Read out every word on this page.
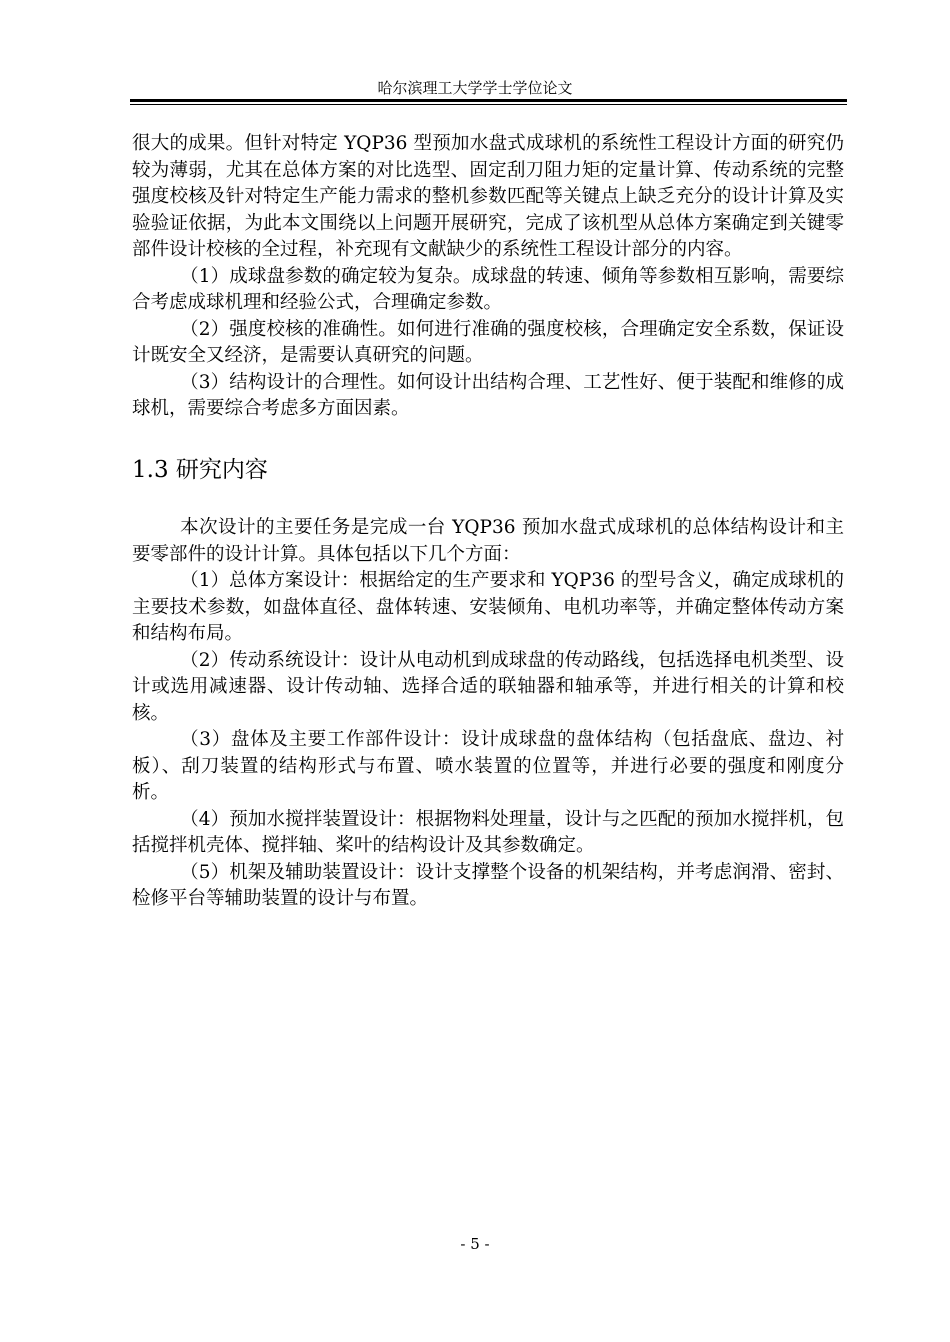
哈尔滨理工大学学士学位论文

很大的成果。但针对特定 YQP36 型预加水盘式成球机的系统性工程设计方面的研究仍较为薄弱，尤其在总体方案的对比选型、固定刮刀阻力矩的定量计算、传动系统的完整强度校核及针对特定生产能力需求的整机参数匹配等关键点上缺乏充分的设计计算及实验验证依据，为此本文围绕以上问题开展研究，完成了该机型从总体方案确定到关键零部件设计校核的全过程，补充现有文献缺少的系统性工程设计部分的内容。

（1）成球盘参数的确定较为复杂。成球盘的转速、倾角等参数相互影响，需要综合考虑成球机理和经验公式，合理确定参数。

（2）强度校核的准确性。如何进行准确的强度校核，合理确定安全系数，保证设计既安全又经济，是需要认真研究的问题。

（3）结构设计的合理性。如何设计出结构合理、工艺性好、便于装配和维修的成球机，需要综合考虑多方面因素。

1.3 研究内容

本次设计的主要任务是完成一台 YQP36 预加水盘式成球机的总体结构设计和主要零部件的设计计算。具体包括以下几个方面：

（1）总体方案设计：根据给定的生产要求和 YQP36 的型号含义，确定成球机的主要技术参数，如盘体直径、盘体转速、安装倾角、电机功率等，并确定整体传动方案和结构布局。

（2）传动系统设计：设计从电动机到成球盘的传动路线，包括选择电机类型、设计或选用减速器、设计传动轴、选择合适的联轴器和轴承等，并进行相关的计算和校核。

（3）盘体及主要工作部件设计：设计成球盘的盘体结构（包括盘底、盘边、衬板）、刮刀装置的结构形式与布置、喷水装置的位置等，并进行必要的强度和刚度分析。

（4）预加水搅拌装置设计：根据物料处理量，设计与之匹配的预加水搅拌机，包括搅拌机壳体、搅拌轴、桨叶的结构设计及其参数确定。

（5）机架及辅助装置设计：设计支撑整个设备的机架结构，并考虑润滑、密封、检修平台等辅助装置的设计与布置。

- 5 -
